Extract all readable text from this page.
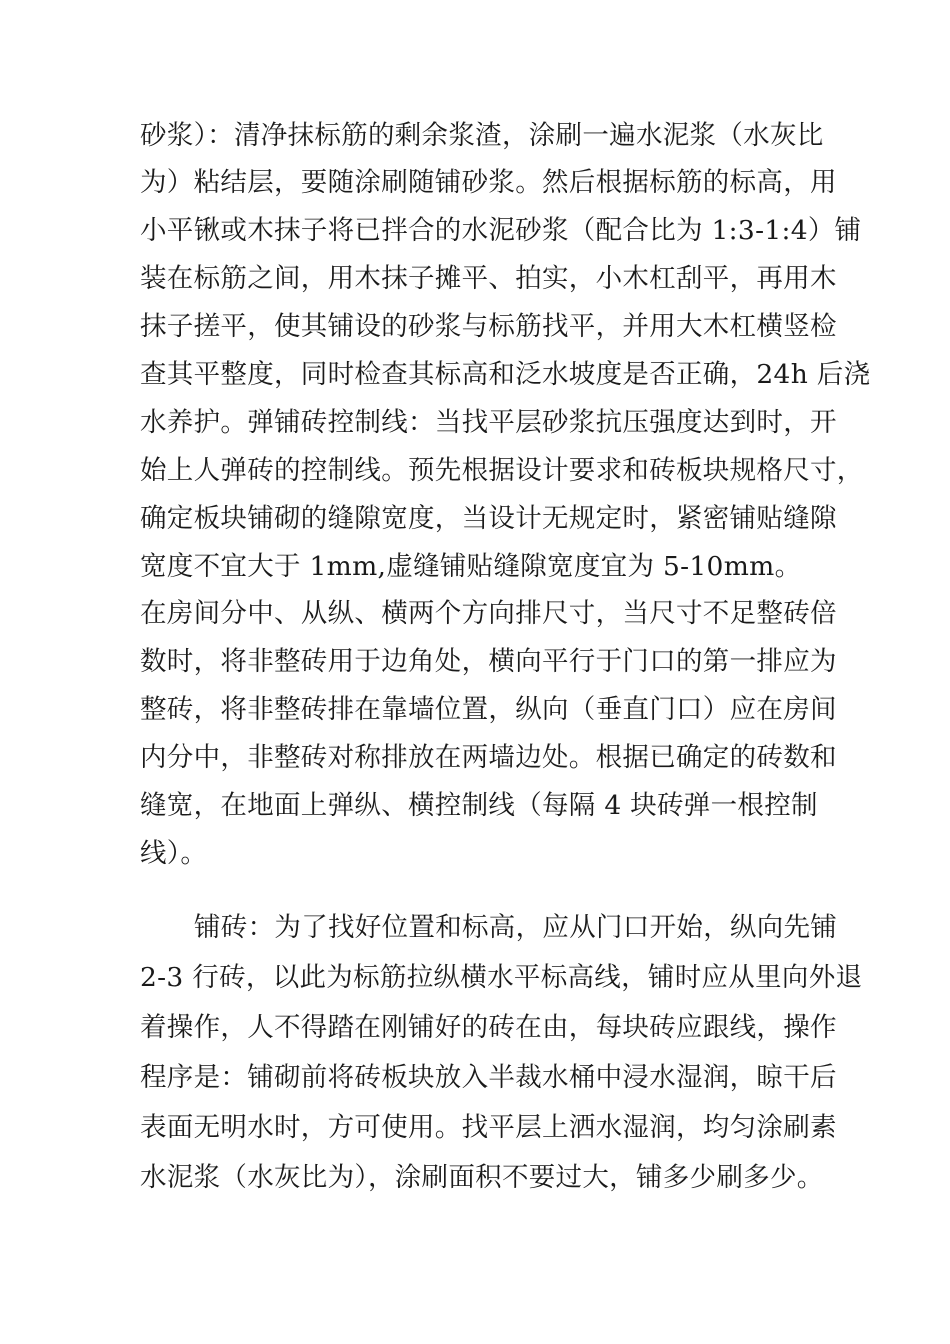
砂浆）：清净抹标筋的剩余浆渣，涂刷一遍水泥浆（水灰比
为）粘结层，要随涂刷随铺砂浆。然后根据标筋的标高，用
小平锹或木抹子将已拌合的水泥砂浆（配合比为 1:3-1:4）铺
装在标筋之间，用木抹子摊平、拍实，小木杠刮平，再用木
抹子搓平，使其铺设的砂浆与标筋找平，并用大木杠横竖检
查其平整度，同时检查其标高和泛水坡度是否正确，24h 后浇
水养护。弹铺砖控制线：当找平层砂浆抗压强度达到时，开
始上人弹砖的控制线。预先根据设计要求和砖板块规格尺寸，
确定板块铺砌的缝隙宽度，当设计无规定时，紧密铺贴缝隙
宽度不宜大于 1mm,虚缝铺贴缝隙宽度宜为 5-10mm。
在房间分中、从纵、横两个方向排尺寸，当尺寸不足整砖倍
数时，将非整砖用于边角处，横向平行于门口的第一排应为
整砖，将非整砖排在靠墙位置，纵向（垂直门口）应在房间
内分中，非整砖对称排放在两墙边处。根据已确定的砖数和
缝宽，在地面上弹纵、横控制线（每隔 4 块砖弹一根控制
线）。
铺砖：为了找好位置和标高，应从门口开始，纵向先铺
2-3 行砖，以此为标筋拉纵横水平标高线，铺时应从里向外退
着操作，人不得踏在刚铺好的砖在由，每块砖应跟线，操作
程序是：铺砌前将砖板块放入半裁水桶中浸水湿润，晾干后
表面无明水时，方可使用。找平层上洒水湿润，均匀涂刷素
水泥浆（水灰比为），涂刷面积不要过大，铺多少刷多少。
